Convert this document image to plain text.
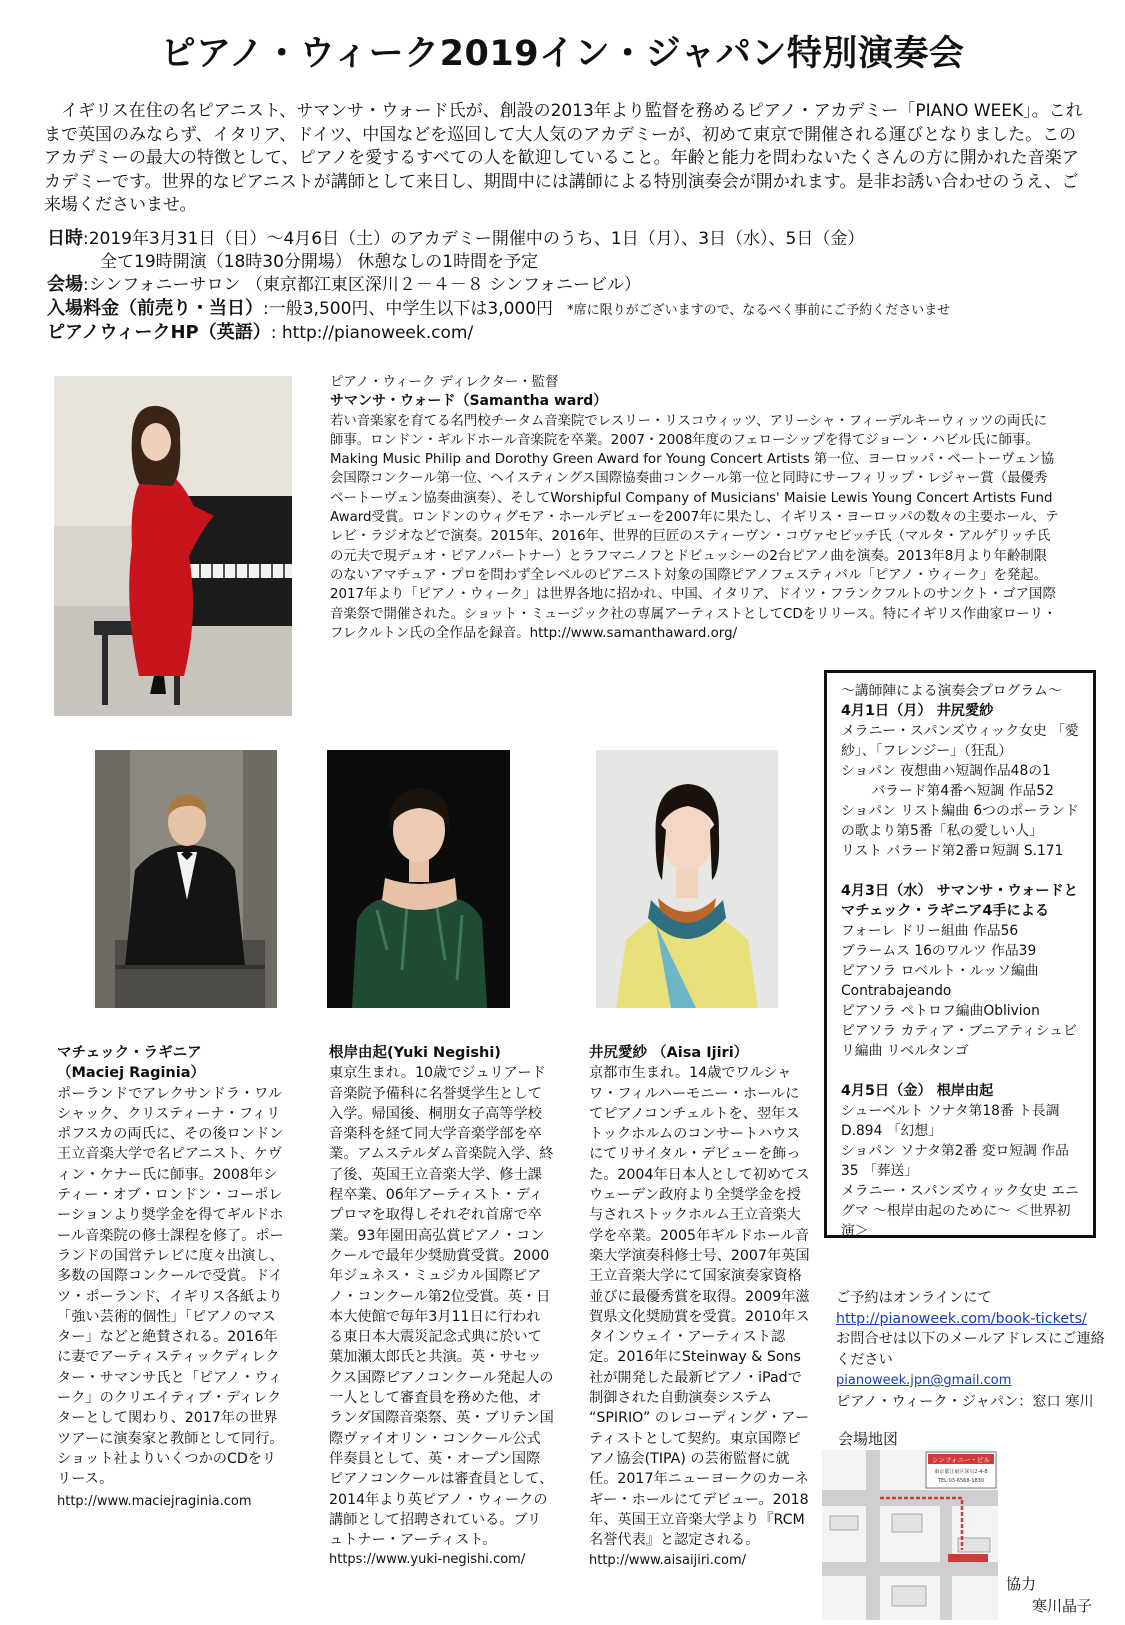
ピアノ・ウィーク2019イン・ジャパン特別演奏会

イギリス在住の名ピアニスト、サマンサ・ウォード氏が、創設の2013年より監督を務めるピアノ・アカデミー「PIANO WEEK」。これまで英国のみならず、イタリア、ドイツ、中国などを巡回して大人気のアカデミーが、初めて東京で開催される運びとなりました。このアカデミーの最大の特徴として、ピアノを愛するすべての人を歓迎していること。年齢と能力を問わないたくさんの方に開かれた音楽アカデミーです。世界的なピアニストが講師として来日し、期間中には講師による特別演奏会が開かれます。是非お誘い合わせのうえ、ご来場くださいませ。

日時:2019年3月31日（日）～4月6日（土）のアカデミー開催中のうち、1日（月）、3日（水）、5日（金）
全て19時開演（18時30分開場） 休憩なしの1時間を予定
会場:シンフォニーサロン （東京都江東区深川２－４－８ シンフォニービル）
入場料金（前売り・当日）:一般3,500円、中学生以下は3,000円 *席に限りがございますので、なるべく事前にご予約くださいませ
ピアノウィークHP（英語）: http://pianoweek.com/
ピアノ・ウィーク ディレクター・監督
サマンサ・ウォード（Samantha ward）
若い音楽家を育てる名門校チータム音楽院でレスリー・リスコウィッツ、アリーシャ・フィーデルキーウィッツの両氏に師事。ロンドン・ギルドホール音楽院を卒業。2007・2008年度のフェローシップを得てジョーン・ハビル氏に師事。Making Music Philip and Dorothy Green Award for Young Concert Artists 第一位、ヨーロッパ・ベートーヴェン協会国際コンクール第一位、ヘイスティングス国際協奏曲コンクール第一位と同時にサーフィリップ・レジャー賞（最優秀ベートーヴェン協奏曲演奏）、そしてWorshipful Company of Musicians' Maisie Lewis Young Concert Artists Fund Award受賞。ロンドンのウィグモア・ホールデビューを2007年に果たし、イギリス・ヨーロッパの数々の主要ホール、テレビ・ラジオなどで演奏。2015年、2016年、世界的巨匠のスティーヴン・コヴァセビッチ氏（マルタ・アルゲリッチ氏の元夫で現デュオ・ピアノパートナー）とラフマニノフとドビュッシーの2台ピアノ曲を演奏。2013年8月より年齢制限のないアマチュア・プロを問わず全レベルのピアニスト対象の国際ピアノフェスティバル「ピアノ・ウィーク」を発起。2017年より「ピアノ・ウィーク」は世界各地に招かれ、中国、イタリア、ドイツ・フランクフルトのサンクト・ゴア国際音楽祭で開催された。ショット・ミュージック社の専属アーティストとしてCDをリリース。特にイギリス作曲家ローリ・フレクルトン氏の全作品を録音。http://www.samanthaward.org/
マチェック・ラギニア
（Maciej Raginia）
ポーランドでアレクサンドラ・ワルシャック、クリスティーナ・フィリポフスカの両氏に、その後ロンドン王立音楽大学で名ピアニスト、ケヴィン・ケナー氏に師事。2008年シティー・オブ・ロンドン・コーポレーションより奨学金を得てギルドホール音楽院の修士課程を修了。ポーランドの国営テレビに度々出演し、多数の国際コンクールで受賞。ドイツ・ポーランド、イギリス各紙より「強い芸術的個性」「ピアノのマスター」などと絶賛される。2016年に妻でアーティスティックディレクター・サマンサ氏と「ピアノ・ウィーク」のクリエイティブ・ディレクターとして関わり、2017年の世界ツアーに演奏家と教師として同行。ショット社よりいくつかのCDをリリース。
http://www.maciejraginia.com
根岸由起(Yuki Negishi)
東京生まれ。10歳でジュリアード音楽院予備科に名誉奨学生として入学。帰国後、桐朋女子高等学校音楽科を経て同大学音楽学部を卒業。アムステルダム音楽院入学、終了後、英国王立音楽大学、修士課程卒業、06年アーティスト・ディプロマを取得しそれぞれ首席で卒業。93年園田高弘賞ピアノ・コンクールで最年少奨励賞受賞。2000年ジュネス・ミュジカル国際ピアノ・コンクール第2位受賞。英・日本大使館で毎年3月11日に行われる東日本大震災記念式典に於いて葉加瀬太郎氏と共演。英・サセックス国際ピアノコンクール発起人の一人として審査員を務めた他、オランダ国際音楽祭、英・ブリテン国際ヴァイオリン・コンクール公式伴奏員として、英・オープン国際ピアノコンクールは審査員として、2014年より英ピアノ・ウィークの講師として招聘されている。ブリュトナー・アーティスト。
https://www.yuki-negishi.com/
井尻愛紗 （Aisa Ijiri）
京都市生まれ。14歳でワルシャワ・フィルハーモニー・ホールにてピアノコンチェルトを、翌年ストックホルムのコンサートハウスにてリサイタル・デビューを飾った。2004年日本人として初めてスウェーデン政府より全奨学金を授与されストックホルム王立音楽大学を卒業。2005年ギルドホール音楽大学演奏科修士号、2007年英国王立音楽大学にて国家演奏家資格並びに最優秀賞を取得。2009年滋賀県文化奨励賞を受賞。2010年スタインウェイ・アーティスト認定。2016年にSteinway & Sons社が開発した最新ピアノ・iPadで制御された自動演奏システム “SPIRIO” のレコーディング・アーティストとして契約。東京国際ピアノ協会(TIPA) の芸術監督に就任。2017年ニューヨークのカーネギー・ホールにてデビュー。2018年、英国王立音楽大学より『RCM名誉代表』と認定される。http://www.aisaijiri.com/
～講師陣による演奏会プログラム～
4月1日（月） 井尻愛紗
メラニー・スパンズウィック女史 「愛紗」、「フレンジー」（狂乱）
ショパン 夜想曲ハ短調作品48の1
バラード第4番ヘ短調 作品52
ショパン リスト編曲 6つのポーランドの歌より第5番「私の愛しい人」
リスト バラード第2番ロ短調 S.171
4月3日（水） サマンサ・ウォードとマチェック・ラギニア4手による
フォーレ ドリー組曲 作品56
ブラームス 16のワルツ 作品39
ピアソラ ロベルト・ルッソ編曲 Contrabajeando
ピアソラ ペトロフ編曲Oblivion
ピアソラ カティア・ブニアティシュビリ編曲 リベルタンゴ
4月5日（金） 根岸由起
シューベルト ソナタ第18番 ト長調 D.894 「幻想」
ショパン ソナタ第2番 変ロ短調 作品35 「葬送」
メラニー・スパンズウィック女史 エニグマ ～根岸由起のために～ ＜世界初演＞
ご予約はオンラインにて
http://pianoweek.com/book-tickets/
お問合せは以下のメールアドレスにご連絡ください
pianoweek.jpn@gmail.com
ピアノ・ウィーク・ジャパン：窓口 寒川
会場地図
シンフォニー・ビル
東京都江東区深川2-4-8
TEL:03-6568-1830
協力
寒川晶子
